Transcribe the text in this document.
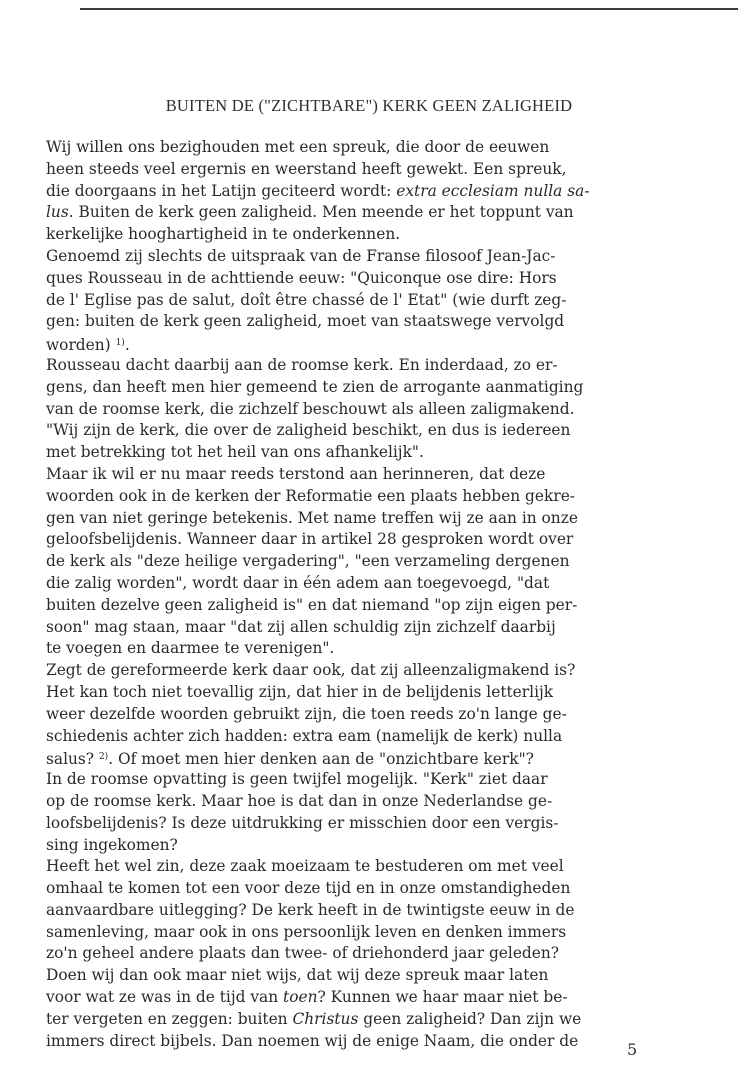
BUITEN DE ("ZICHTBARE") KERK GEEN ZALIGHEID
Wij willen ons bezighouden met een spreuk, die door de eeuwen
heen steeds veel ergernis en weerstand heeft gewekt. Een spreuk,
die doorgaans in het Latijn geciteerd wordt: extra ecclesiam nulla sa-
lus. Buiten de kerk geen zaligheid. Men meende er het toppunt van
kerkelijke hooghartigheid in te onderkennen.
Genoemd zij slechts de uitspraak van de Franse filosoof Jean-Jac-
ques Rousseau in de achttiende eeuw: "Quiconque ose dire: Hors
de l' Eglise pas de salut, doît être chassé de l' Etat" (wie durft zeg-
gen: buiten de kerk geen zaligheid, moet van staatswege vervolgd
worden) $^{1)}$.
Rousseau dacht daarbij aan de roomse kerk. En inderdaad, zo er-
gens, dan heeft men hier gemeend te zien de arrogante aanmatiging
van de roomse kerk, die zichzelf beschouwt als alleen zaligmakend.
"Wij zijn de kerk, die over de zaligheid beschikt, en dus is iedereen
met betrekking tot het heil van ons afhankelijk".
Maar ik wil er nu maar reeds terstond aan herinneren, dat deze
woorden ook in de kerken der Reformatie een plaats hebben gekre-
gen van niet geringe betekenis. Met name treffen wij ze aan in onze
geloofsbelijdenis. Wanneer daar in artikel 28 gesproken wordt over
de kerk als "deze heilige vergadering", "een verzameling dergenen
die zalig worden", wordt daar in één adem aan toegevoegd, "dat
buiten dezelve geen zaligheid is" en dat niemand "op zijn eigen per-
soon" mag staan, maar "dat zij allen schuldig zijn zichzelf daarbij
te voegen en daarmee te verenigen".
Zegt de gereformeerde kerk daar ook, dat zij alleenzaligmakend is?
Het kan toch niet toevallig zijn, dat hier in de belijdenis letterlijk
weer dezelfde woorden gebruikt zijn, die toen reeds zo'n lange ge-
schiedenis achter zich hadden: extra eam (namelijk de kerk) nulla
salus? $^{2)}$. Of moet men hier denken aan de "onzichtbare kerk"?
In de roomse opvatting is geen twijfel mogelijk. "Kerk" ziet daar
op de roomse kerk. Maar hoe is dat dan in onze Nederlandse ge-
loofsbelijdenis? Is deze uitdrukking er misschien door een vergis-
sing ingekomen?
Heeft het wel zin, deze zaak moeizaam te bestuderen om met veel
omhaal te komen tot een voor deze tijd en in onze omstandigheden
aanvaardbare uitlegging? De kerk heeft in de twintigste eeuw in de
samenleving, maar ook in ons persoonlijk leven en denken immers
zo'n geheel andere plaats dan twee- of driehonderd jaar geleden?
Doen wij dan ook maar niet wijs, dat wij deze spreuk maar laten
voor wat ze was in de tijd van toen? Kunnen we haar maar niet be-
ter vergeten en zeggen: buiten Christus geen zaligheid? Dan zijn we
immers direct bijbels. Dan noemen wij de enige Naam, die onder de	5
